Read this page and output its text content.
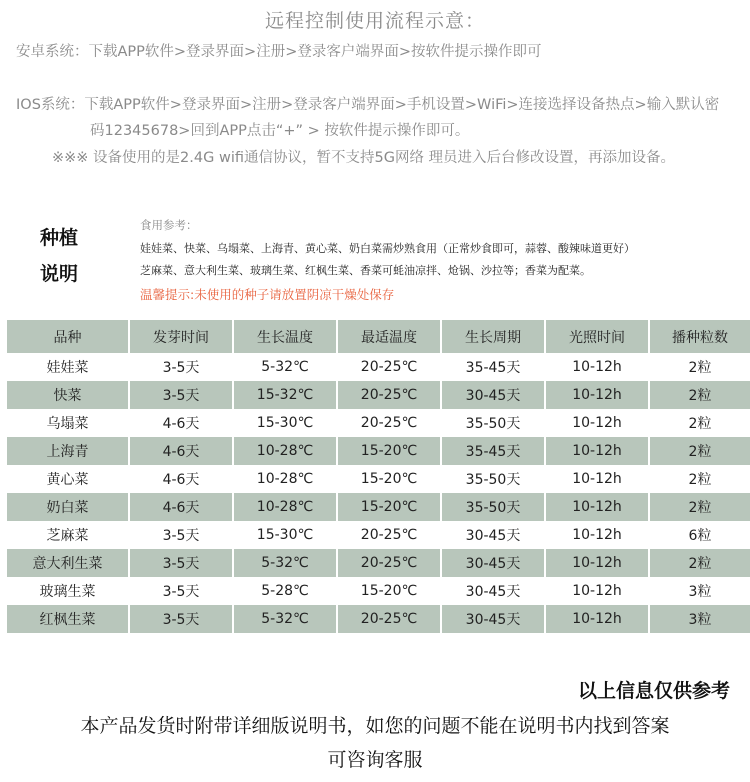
远程控制使用流程示意：
安卓系统：下载APP软件>登录界面>注册>登录客户端界面>按软件提示操作即可
IOS系统：下载APP软件>登录界面>注册>登录客户端界面>手机设置>WiFi>连接选择设备热点>输入默认密
码12345678>回到APP点击“+” > 按软件提示操作即可。
※※※ 设备使用的是2.4G wifi通信协议，暂不支持5G网络 理员进入后台修改设置，再添加设备。
种植
说明
食用参考：
娃娃菜、快菜、乌塌菜、上海青、黄心菜、奶白菜需炒熟食用（正常炒食即可，蒜蓉、酸辣味道更好）
芝麻菜、意大利生菜、玻璃生菜、红枫生菜、香菜可蚝油凉拌、炝锅、沙拉等；香菜为配菜。
温馨提示:未使用的种子请放置阴凉干燥处保存
品种	发芽时间	生长温度	最适温度	生长周期	光照时间	播种粒数
娃娃菜	3-5天	5-32℃	20-25℃	35-45天	10-12h	2粒
快菜	3-5天	15-32℃	20-25℃	30-45天	10-12h	2粒
乌塌菜	4-6天	15-30℃	20-25℃	35-50天	10-12h	2粒
上海青	4-6天	10-28℃	15-20℃	35-45天	10-12h	2粒
黄心菜	4-6天	10-28℃	15-20℃	35-50天	10-12h	2粒
奶白菜	4-6天	10-28℃	15-20℃	35-50天	10-12h	2粒
芝麻菜	3-5天	15-30℃	20-25℃	30-45天	10-12h	6粒
意大利生菜	3-5天	5-32℃	20-25℃	30-45天	10-12h	2粒
玻璃生菜	3-5天	5-28℃	15-20℃	30-45天	10-12h	3粒
红枫生菜	3-5天	5-32℃	20-25℃	30-45天	10-12h	3粒
以上信息仅供参考
本产品发货时附带详细版说明书，如您的问题不能在说明书内找到答案
可咨询客服
